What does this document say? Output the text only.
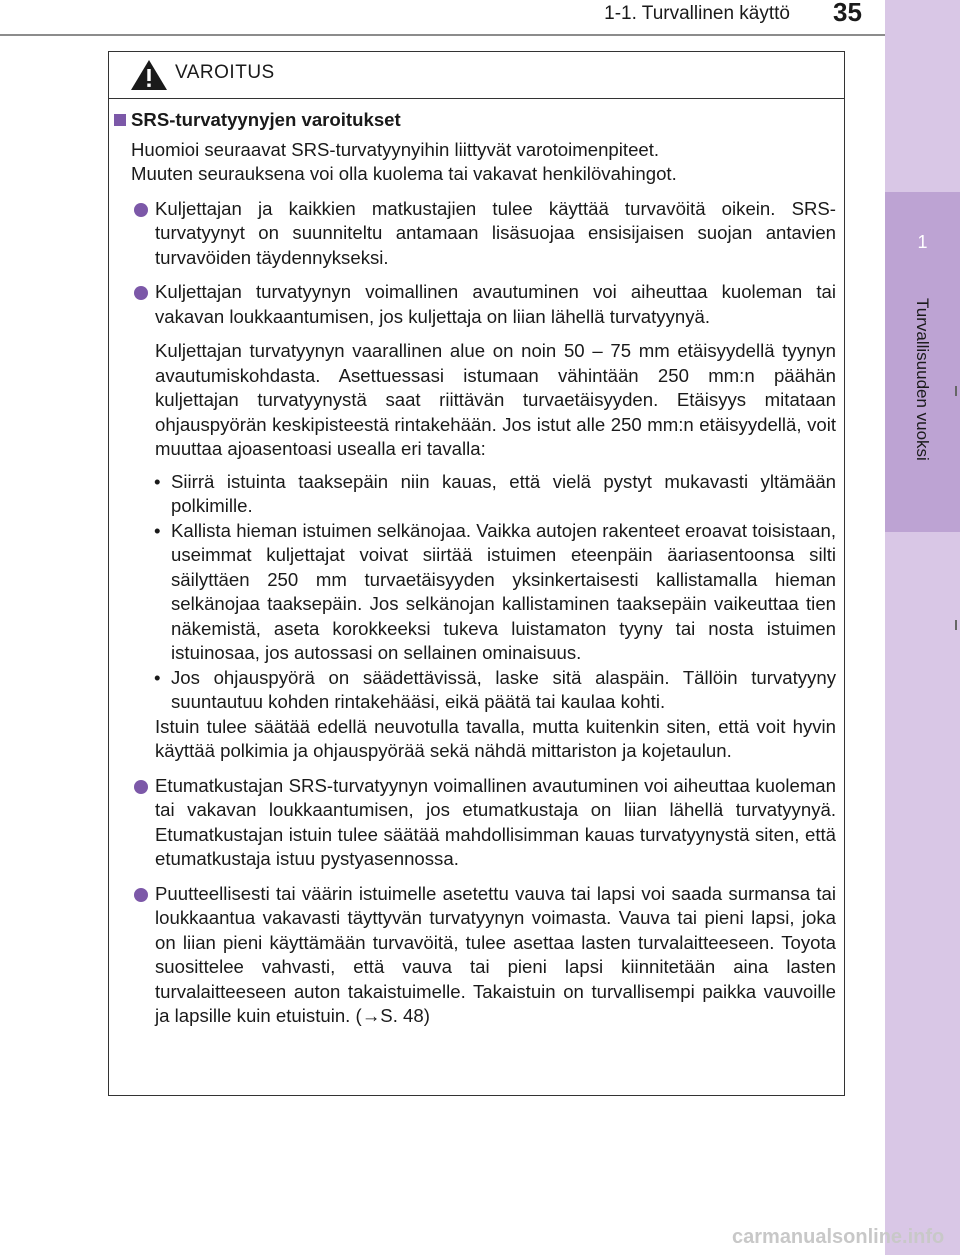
1-1. Turvallinen käyttö	35
1
Turvallisuuden vuoksi
VAROITUS
SRS-turvatyynyjen varoitukset
Huomioi seuraavat SRS-turvatyynyihin liittyvät varotoimenpiteet.
Muuten seurauksena voi olla kuolema tai vakavat henkilövahingot.
Kuljettajan ja kaikkien matkustajien tulee käyttää turvavöitä oikein. SRS-turvatyynyt on suunniteltu antamaan lisäsuojaa ensisijaisen suojan antavien turvavöiden täydennykseksi.
Kuljettajan turvatyynyn voimallinen avautuminen voi aiheuttaa kuoleman tai vakavan loukkaantumisen, jos kuljettaja on liian lähellä turvatyynyä.
Kuljettajan turvatyynyn vaarallinen alue on noin 50 – 75 mm etäisyydellä tyynyn avautumiskohdasta. Asettuessasi istumaan vähintään 250 mm:n päähän kuljettajan turvatyynystä saat riittävän turvaetäisyyden. Etäisyys mitataan ohjauspyörän keskipisteestä rintakehään. Jos istut alle 250 mm:n etäisyydellä, voit muuttaa ajoasentoasi usealla eri tavalla:
• Siirrä istuinta taaksepäin niin kauas, että vielä pystyt mukavasti yltämään polkimille.
• Kallista hieman istuimen selkänojaa. Vaikka autojen rakenteet eroavat toisistaan, useimmat kuljettajat voivat siirtää istuimen eteenpäin äariasentoonsa silti säilyttäen 250 mm turvaetäisyyden yksinkertaisesti kallistamalla hieman selkänojaa taaksepäin. Jos selkänojan kallistaminen taaksepäin vaikeuttaa tien näkemistä, aseta korokkeeksi tukeva luistamaton tyyny tai nosta istuimen istuinosaa, jos autossasi on sellainen ominaisuus.
• Jos ohjauspyörä on säädettävissä, laske sitä alaspäin. Tällöin turvatyyny suuntautuu kohden rintakehääsi, eikä päätä tai kaulaa kohti.
Istuin tulee säätää edellä neuvotulla tavalla, mutta kuitenkin siten, että voit hyvin käyttää polkimia ja ohjauspyörää sekä nähdä mittariston ja kojetaulun.
Etumatkustajan SRS-turvatyynyn voimallinen avautuminen voi aiheuttaa kuoleman tai vakavan loukkaantumisen, jos etumatkustaja on liian lähellä turvatyynyä. Etumatkustajan istuin tulee säätää mahdollisimman kauas turvatyynystä siten, että etumatkustaja istuu pystyasennossa.
Puutteellisesti tai väärin istuimelle asetettu vauva tai lapsi voi saada surmansa tai loukkaantua vakavasti täyttyvän turvatyynyn voimasta. Vauva tai pieni lapsi, joka on liian pieni käyttämään turvavöitä, tulee asettaa lasten turvalaitteeseen. Toyota suosittelee vahvasti, että vauva tai pieni lapsi kiinnitetään aina lasten turvalaitteeseen auton takaistuimelle. Takaistuin on turvallisempi paikka vauvoille ja lapsille kuin etuistuin. (→S. 48)
carmanualsonline.info
